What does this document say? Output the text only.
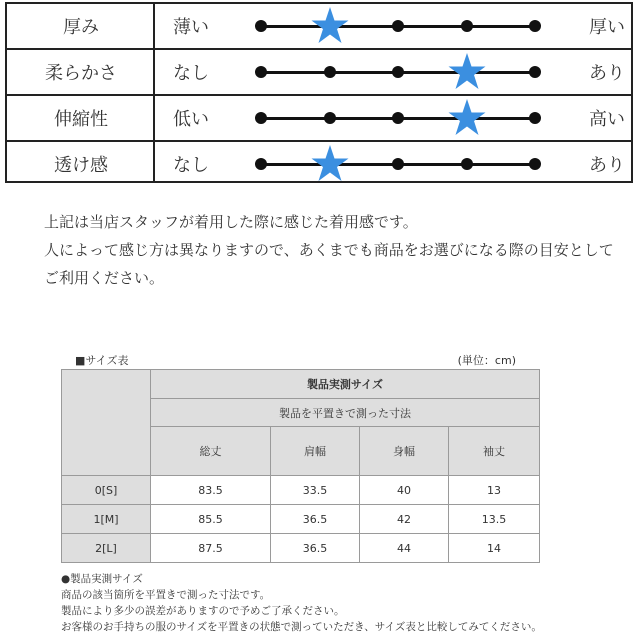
厚み	薄い	厚い
柔らかさ	なし	あり
伸縮性	低い	高い
透け感	なし	あり
上記は当店スタッフが着用した際に感じた着用感です。
人によって感じ方は異なりますので、あくまでも商品をお選びになる際の目安として
ご利用ください。
■サイズ表	(単位：cm)
	製品実測サイズ			
	製品を平置きで測った寸法			
	総丈	肩幅	身幅	袖丈
0[S]	83.5	33.5	40	13
1[M]	85.5	36.5	42	13.5
2[L]	87.5	36.5	44	14
●製品実測サイズ
商品の該当箇所を平置きで測った寸法です。
製品により多少の誤差がありますので予めご了承ください。
お客様のお手持ちの服のサイズを平置きの状態で測っていただき、サイズ表と比較してみてください。
